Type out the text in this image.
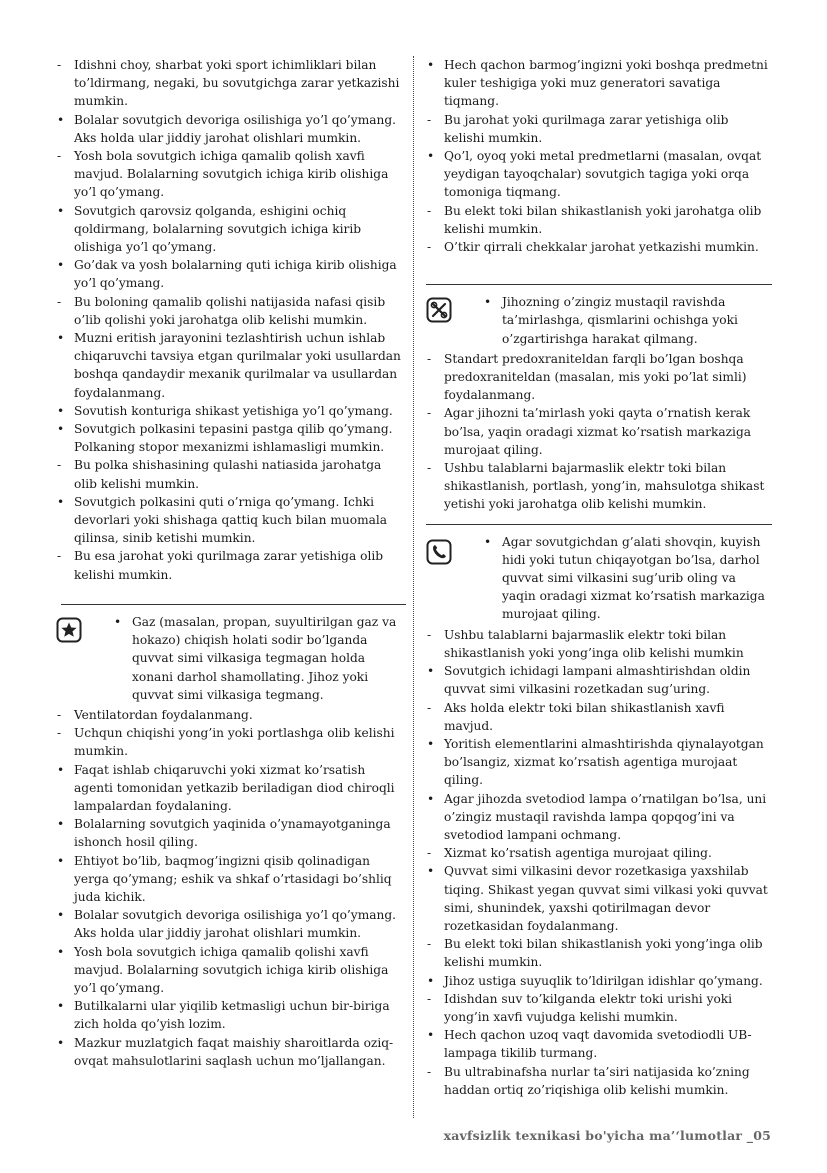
-	Idishni choy, sharbat yoki sport ichimliklari bilan to’ldirmang, negaki, bu sovutgichga zarar yetkazishi mumkin.
• Bolalar sovutgich devoriga osilishiga yo’l qo’ymang. Aks holda ular jiddiy jarohat olishlari mumkin.
-	Yosh bola sovutgich ichiga qamalib qolish xavfi mavjud. Bolalarning sovutgich ichiga kirib olishiga yo’l qo’ymang.
• Sovutgich qarovsiz qolganda, eshigini ochiq qoldirmang, bolalarning sovutgich ichiga kirib olishiga yo’l qo’ymang.
• Go’dak va yosh bolalarning quti ichiga kirib olishiga yo’l qo’ymang.
-	Bu boloning qamalib qolishi natijasida nafasi qisib o’lib qolishi yoki jarohatga olib kelishi mumkin.
• Muzni eritish jarayonini tezlashtirish uchun ishlab chiqaruvchi tavsiya etgan qurilmalar yoki usullardan boshqa qandaydir mexanik qurilmalar va usullardan foydalanmang.
• Sovutish konturiga shikast yetishiga yo’l qo’ymang.
• Sovutgich polkasini tepasini pastga qilib qo’ymang. Polkaning stopor mexanizmi ishlamasligi mumkin.
-	Bu polka shishasining qulashi natiasida jarohatga olib kelishi mumkin.
• Sovutgich polkasini quti o’rniga qo’ymang. Ichki devorlari yoki shishaga qattiq kuch bilan muomala qilinsa, sinib ketishi mumkin.
-	Bu esa jarohat yoki qurilmaga zarar yetishiga olib kelishi mumkin.
• Gaz (masalan, propan, suyultirilgan gaz va hokazo) chiqish holati sodir bo’lganda quvvat simi vilkasiga tegmagan holda xonani darhol shamollating. Jihoz yoki quvvat simi vilkasiga tegmang.
-	Ventilatordan foydalanmang.
-	Uchqun chiqishi yong’in yoki portlashga olib kelishi mumkin.
• Faqat ishlab chiqaruvchi yoki xizmat ko’rsatish agenti tomonidan yetkazib beriladigan diod chiroqli lampalardan foydalaning.
• Bolalarning sovutgich yaqinida o’ynamayotganinga ishonch hosil qiling.
• Ehtiyot bo’lib, baqmog’ingizni qisib qolinadigan yerga qo’ymang; eshik va shkaf o’rtasidagi bo’shliq juda kichik.
• Bolalar sovutgich devoriga osilishiga yo’l qo’ymang. Aks holda ular jiddiy jarohat olishlari mumkin.
• Yosh bola sovutgich ichiga qamalib qolishi xavfi mavjud. Bolalarning sovutgich ichiga kirib olishiga yo’l qo’ymang.
• Butilkalarni ular yiqilib ketmasligi uchun bir-biriga zich holda qo’yish lozim.
• Mazkur muzlatgich faqat maishiy sharoitlarda oziq-ovqat mahsulotlarini saqlash uchun mo’ljallangan.
• Hech qachon barmog’ingizni yoki boshqa predmetni kuler teshigiga yoki muz generatori savatiga tiqmang.
-	Bu jarohat yoki qurilmaga zarar yetishiga olib kelishi mumkin.
• Qo’l, oyoq yoki metal predmetlarni (masalan, ovqat yeydigan tayoqchalar) sovutgich tagiga yoki orqa tomoniga tiqmang.
-	Bu elekt toki bilan shikastlanish yoki jarohatga olib kelishi mumkin.
-	O’tkir qirrali chekkalar jarohat yetkazishi mumkin.
• Jihozning o’zingiz mustaqil ravishda ta’mirlashga, qismlarini ochishga yoki o’zgartirishga harakat qilmang.
-	Standart predoxraniteldan farqli bo’lgan boshqa predoxraniteldan (masalan, mis yoki po’lat simli) foydalanmang.
-	Agar jihozni ta’mirlash yoki qayta o’rnatish kerak bo’lsa, yaqin oradagi xizmat ko’rsatish markaziga murojaat qiling.
-	Ushbu talablarni bajarmaslik elektr toki bilan shikastlanish, portlash, yong’in, mahsulotga shikast yetishi yoki jarohatga olib kelishi mumkin.
• Agar sovutgichdan g’alati shovqin, kuyish hidi yoki tutun chiqayotgan bo’lsa, darhol quvvat simi vilkasini sug’urib oling va yaqin oradagi xizmat ko’rsatish markaziga murojaat qiling.
-	Ushbu talablarni bajarmaslik elektr toki bilan shikastlanish yoki yong’inga olib kelishi mumkin
• Sovutgich ichidagi lampani almashtirishdan oldin quvvat simi vilkasini rozetkadan sug’uring.
-	Aks holda elektr toki bilan shikastlanish xavfi mavjud.
• Yoritish elementlarini almashtirishda qiynalayotgan bo’lsangiz, xizmat ko’rsatish agentiga murojaat qiling.
• Agar jihozda svetodiod lampa o’rnatilgan bo’lsa, uni o’zingiz mustaqil ravishda lampa qopqog’ini va svetodiod lampani ochmang.
-	Xizmat ko’rsatish agentiga murojaat qiling.
• Quvvat simi vilkasini devor rozetkasiga yaxshilab tiqing. Shikast yegan quvvat simi vilkasi yoki quvvat simi, shunindek, yaxshi qotirilmagan devor rozetkasidan foydalanmang.
-	Bu elekt toki bilan shikastlanish yoki yong’inga olib kelishi mumkin.
• Jihoz ustiga suyuqlik to’ldirilgan idishlar qo’ymang.
-	Idishdan suv to’kilganda elektr toki urishi yoki yong’in xavfi vujudga kelishi mumkin.
• Hech qachon uzoq vaqt davomida svetodiodli UB-lampaga tikilib turmang.
-	Bu ultrabinafsha nurlar ta’siri natijasida ko’zning haddan ortiq zo’riqishiga olib kelishi mumkin.
xavfsizlik texnikasi bo'yicha ma’‘lumotlar _05
